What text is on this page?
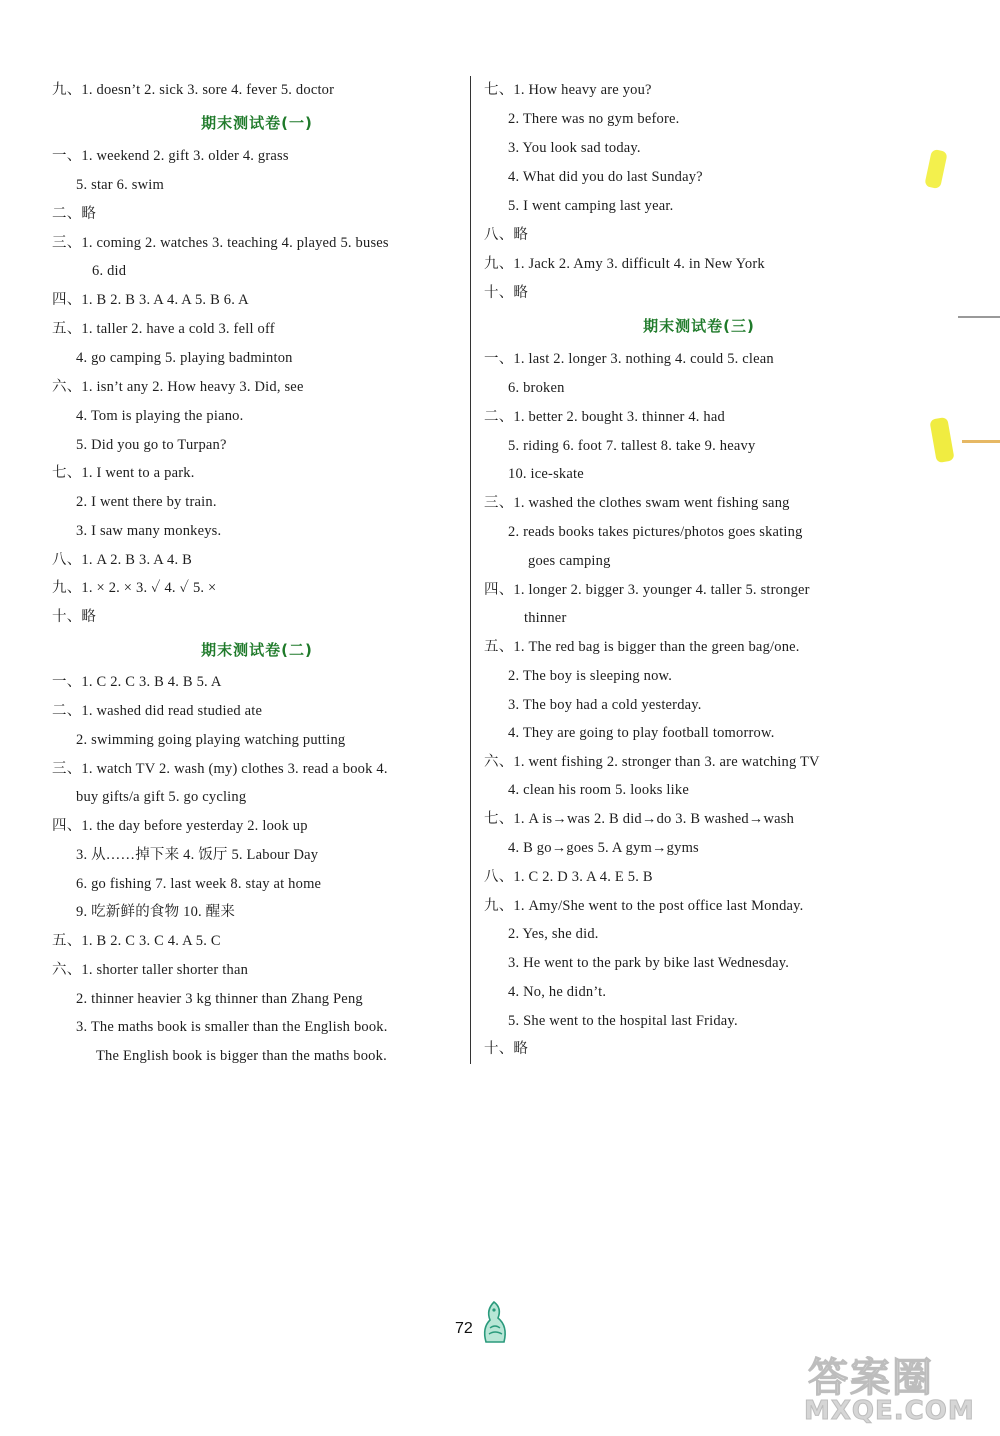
九、1. doesn’t 2. sick 3. sore 4. fever 5. doctor
期末测试卷(一)
一、1. weekend 2. gift 3. older 4. grass
5. star 6. swim
二、略
三、1. coming 2. watches 3. teaching 4. played 5. buses
6. did
四、1. B 2. B 3. A 4. A 5. B 6. A
五、1. taller 2. have a cold 3. fell off
4. go camping 5. playing badminton
六、1. isn’t any 2. How heavy 3. Did, see
4. Tom is playing the piano.
5. Did you go to Turpan?
七、1. I went to a park.
2. I went there by train.
3. I saw many monkeys.
八、1. A 2. B 3. A 4. B
九、1. × 2. × 3. ✓ 4. ✓ 5. ×
十、略
期末测试卷(二)
一、1. C 2. C 3. B 4. B 5. A
二、1. washed did read studied ate
2. swimming going playing watching putting
三、1. watch TV 2. wash (my) clothes 3. read a book 4.
buy gifts/a gift 5. go cycling
四、1. the day before yesterday 2. look up
3. 从……掉下来 4. 饭厅 5. Labour Day
6. go fishing 7. last week 8. stay at home
9. 吃新鲜的食物 10. 醒来
五、1. B 2. C 3. C 4. A 5. C
六、1. shorter taller shorter than
2. thinner heavier 3 kg thinner than Zhang Peng
3. The maths book is smaller than the English book.
The English book is bigger than the maths book.
七、1. How heavy are you?
2. There was no gym before.
3. You look sad today.
4. What did you do last Sunday?
5. I went camping last year.
八、略
九、1. Jack 2. Amy 3. difficult 4. in New York
十、略
期末测试卷(三)
一、1. last 2. longer 3. nothing 4. could 5. clean
6. broken
二、1. better 2. bought 3. thinner 4. had
5. riding 6. foot 7. tallest 8. take 9. heavy
10. ice-skate
三、1. washed the clothes swam went fishing sang
2. reads books takes pictures/photos goes skating
goes camping
四、1. longer 2. bigger 3. younger 4. taller 5. stronger
thinner
五、1. The red bag is bigger than the green bag/one.
2. The boy is sleeping now.
3. The boy had a cold yesterday.
4. They are going to play football tomorrow.
六、1. went fishing 2. stronger than 3. are watching TV
4. clean his room 5. looks like
七、1. A is→was 2. B did→do 3. B washed→wash
4. B go→goes 5. A gym→gyms
八、1. C 2. D 3. A 4. E 5. B
九、1. Amy/She went to the post office last Monday.
2. Yes, she did.
3. He went to the park by bike last Wednesday.
4. No, he didn’t.
5. She went to the hospital last Friday.
十、略
72
答案圈
MXQE.COM
